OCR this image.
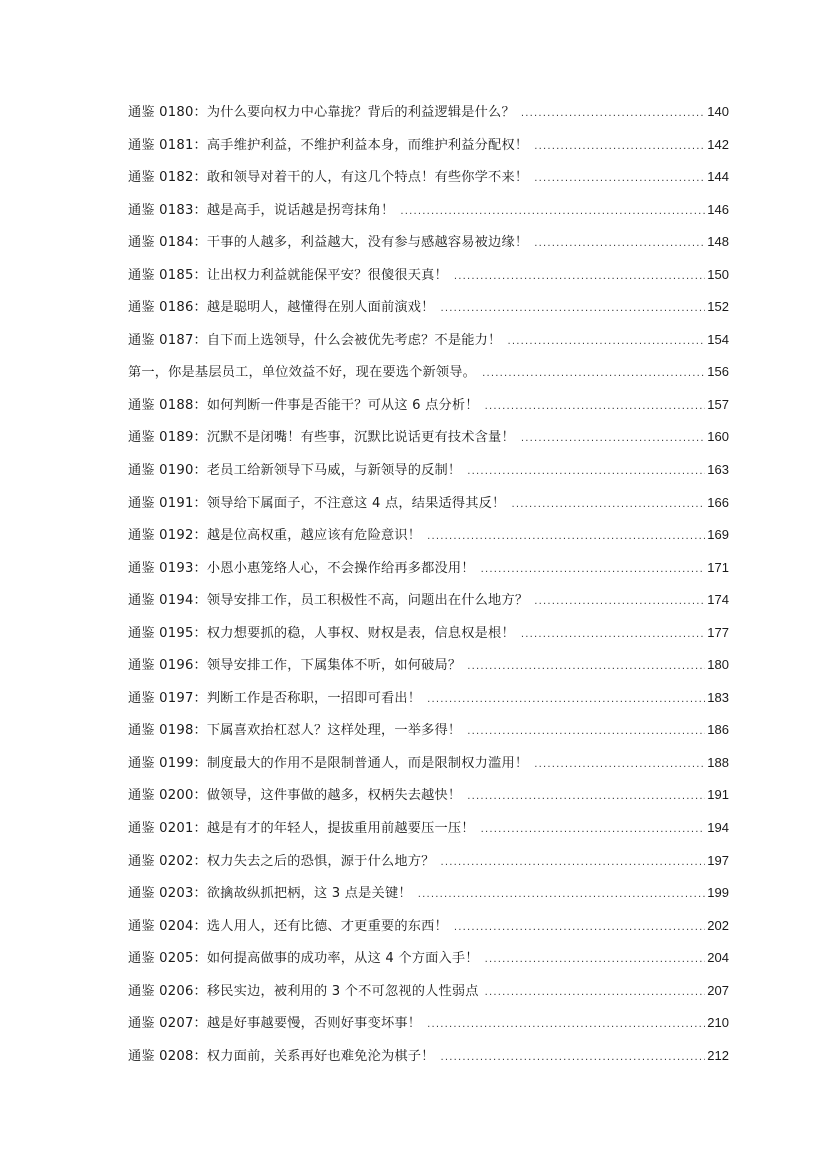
通鉴 0180：为什么要向权力中心靠拢？背后的利益逻辑是什么？ .....	140
通鉴 0181：高手维护利益，不维护利益本身，而维护利益分配权！ .....	142
通鉴 0182：敢和领导对着干的人，有这几个特点！有些你学不来！ .....	144
通鉴 0183：越是高手，说话越是拐弯抹角！ .....	146
通鉴 0184：干事的人越多，利益越大，没有参与感越容易被边缘！ .....	148
通鉴 0185：让出权力利益就能保平安？很傻很天真！ .....	150
通鉴 0186：越是聪明人，越懂得在别人面前演戏！ .....	152
通鉴 0187：自下而上选领导，什么会被优先考虑？不是能力！ .....	154
第一，你是基层员工，单位效益不好，现在要选个新领导。 .....	156
通鉴 0188：如何判断一件事是否能干？可从这 6 点分析！ .....	157
通鉴 0189：沉默不是闭嘴！有些事，沉默比说话更有技术含量！ .....	160
通鉴 0190：老员工给新领导下马威，与新领导的反制！ .....	163
通鉴 0191：领导给下属面子，不注意这 4 点，结果适得其反！ .....	166
通鉴 0192：越是位高权重，越应该有危险意识！ .....	169
通鉴 0193：小恩小惠笼络人心，不会操作给再多都没用！ .....	171
通鉴 0194：领导安排工作，员工积极性不高，问题出在什么地方？ .....	174
通鉴 0195：权力想要抓的稳，人事权、财权是表，信息权是根！ .....	177
通鉴 0196：领导安排工作，下属集体不听，如何破局？ .....	180
通鉴 0197：判断工作是否称职，一招即可看出！ .....	183
通鉴 0198：下属喜欢抬杠怼人？这样处理，一举多得！ .....	186
通鉴 0199：制度最大的作用不是限制普通人，而是限制权力滥用！ .....	188
通鉴 0200：做领导，这件事做的越多，权柄失去越快！ .....	191
通鉴 0201：越是有才的年轻人，提拔重用前越要压一压！ .....	194
通鉴 0202：权力失去之后的恐惧，源于什么地方？ .....	197
通鉴 0203：欲擒故纵抓把柄，这 3 点是关键！ .....	199
通鉴 0204：选人用人，还有比德、才更重要的东西！ .....	202
通鉴 0205：如何提高做事的成功率，从这 4 个方面入手！ .....	204
通鉴 0206：移民实边，被利用的 3 个不可忽视的人性弱点 .....	207
通鉴 0207：越是好事越要慢，否则好事变坏事！ .....	210
通鉴 0208：权力面前，关系再好也难免沦为棋子！ .....	212
